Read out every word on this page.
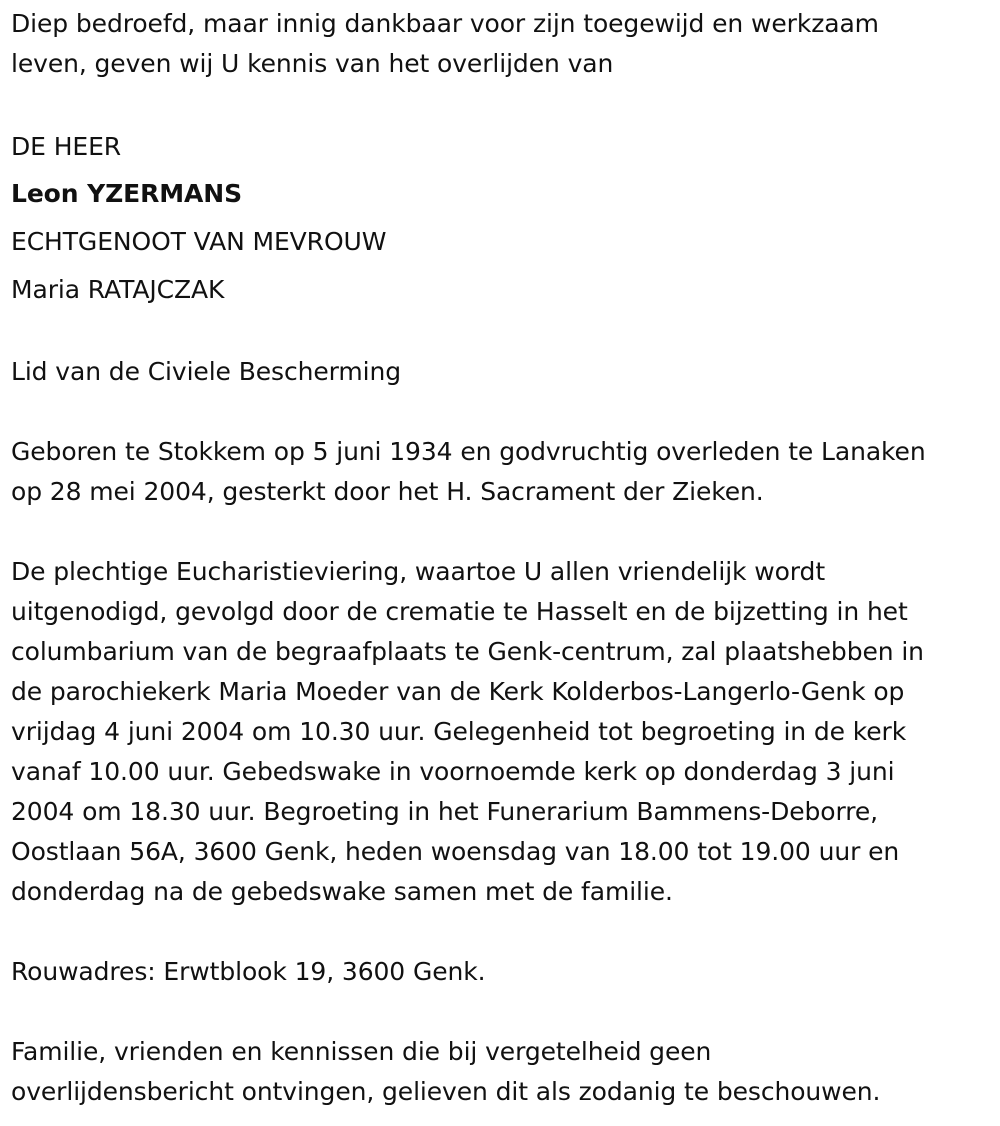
Diep bedroefd, maar innig dankbaar voor zijn toegewijd en werkzaam
leven, geven wij U kennis van het overlijden van
DE HEER
Leon YZERMANS
ECHTGENOOT VAN MEVROUW
Maria RATAJCZAK
Lid van de Civiele Bescherming
Geboren te Stokkem op 5 juni 1934 en godvruchtig overleden te Lanaken
op 28 mei 2004, gesterkt door het H. Sacrament der Zieken.
De plechtige Eucharistieviering, waartoe U allen vriendelijk wordt
uitgenodigd, gevolgd door de crematie te Hasselt en de bijzetting in het
columbarium van de begraafplaats te Genk-centrum, zal plaatshebben in
de parochiekerk Maria Moeder van de Kerk Kolderbos-Langerlo-Genk op
vrijdag 4 juni 2004 om 10.30 uur. Gelegenheid tot begroeting in de kerk
vanaf 10.00 uur. Gebedswake in voornoemde kerk op donderdag 3 juni
2004 om 18.30 uur. Begroeting in het Funerarium Bammens-Deborre,
Oostlaan 56A, 3600 Genk, heden woensdag van 18.00 tot 19.00 uur en
donderdag na de gebedswake samen met de familie.
Rouwadres: Erwtblook 19, 3600 Genk.
Familie, vrienden en kennissen die bij vergetelheid geen
overlijdensbericht ontvingen, gelieven dit als zodanig te beschouwen.
